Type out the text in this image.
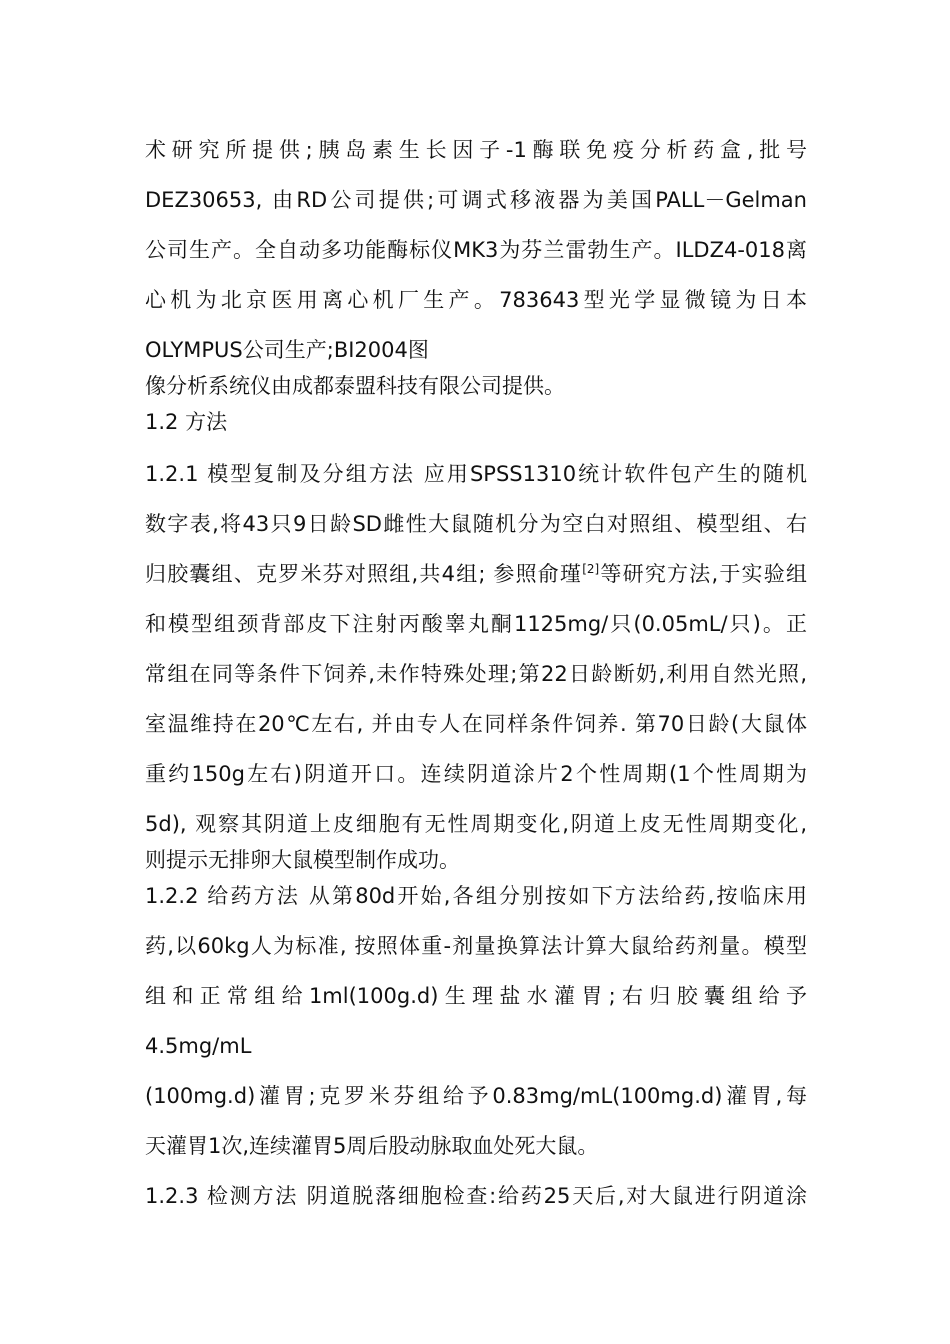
术研究所提供;胰岛素生长因子-1酶联免疫分析药盒,批号
DEZ30653, 由RD公司提供;可调式移液器为美国PALL－Gelman
公司生产。全自动多功能酶标仪MK3为芬兰雷勃生产。ILDZ4-018离
心机为北京医用离心机厂生产。783643型光学显微镜为日本
OLYMPUS公司生产;BI2004图
像分析系统仪由成都泰盟科技有限公司提供。
1.2 方法
1.2.1 模型复制及分组方法 应用SPSS1310统计软件包产生的随机
数字表,将43只9日龄SD雌性大鼠随机分为空白对照组、模型组、右
归胶囊组、克罗米芬对照组,共4组; 参照俞瑾[2]等研究方法,于实验组
和模型组颈背部皮下注射丙酸睾丸酮1125mg/只(0.05mL/只)。正
常组在同等条件下饲养,未作特殊处理;第22日龄断奶,利用自然光照,
室温维持在20℃左右, 并由专人在同样条件饲养. 第70日龄(大鼠体
重约150g左右)阴道开口。连续阴道涂片2个性周期(1个性周期为
5d), 观察其阴道上皮细胞有无性周期变化,阴道上皮无性周期变化,
则提示无排卵大鼠模型制作成功。
1.2.2 给药方法 从第80d开始,各组分别按如下方法给药,按临床用
药,以60kg人为标准, 按照体重-剂量换算法计算大鼠给药剂量。模型
组和正常组给1ml(100g.d)生理盐水灌胃;右归胶囊组给予
4.5mg/mL
(100mg.d)灌胃;克罗米芬组给予0.83mg/mL(100mg.d)灌胃,每
天灌胃1次,连续灌胃5周后股动脉取血处死大鼠。
1.2.3 检测方法 阴道脱落细胞检查:给药25天后,对大鼠进行阴道涂
